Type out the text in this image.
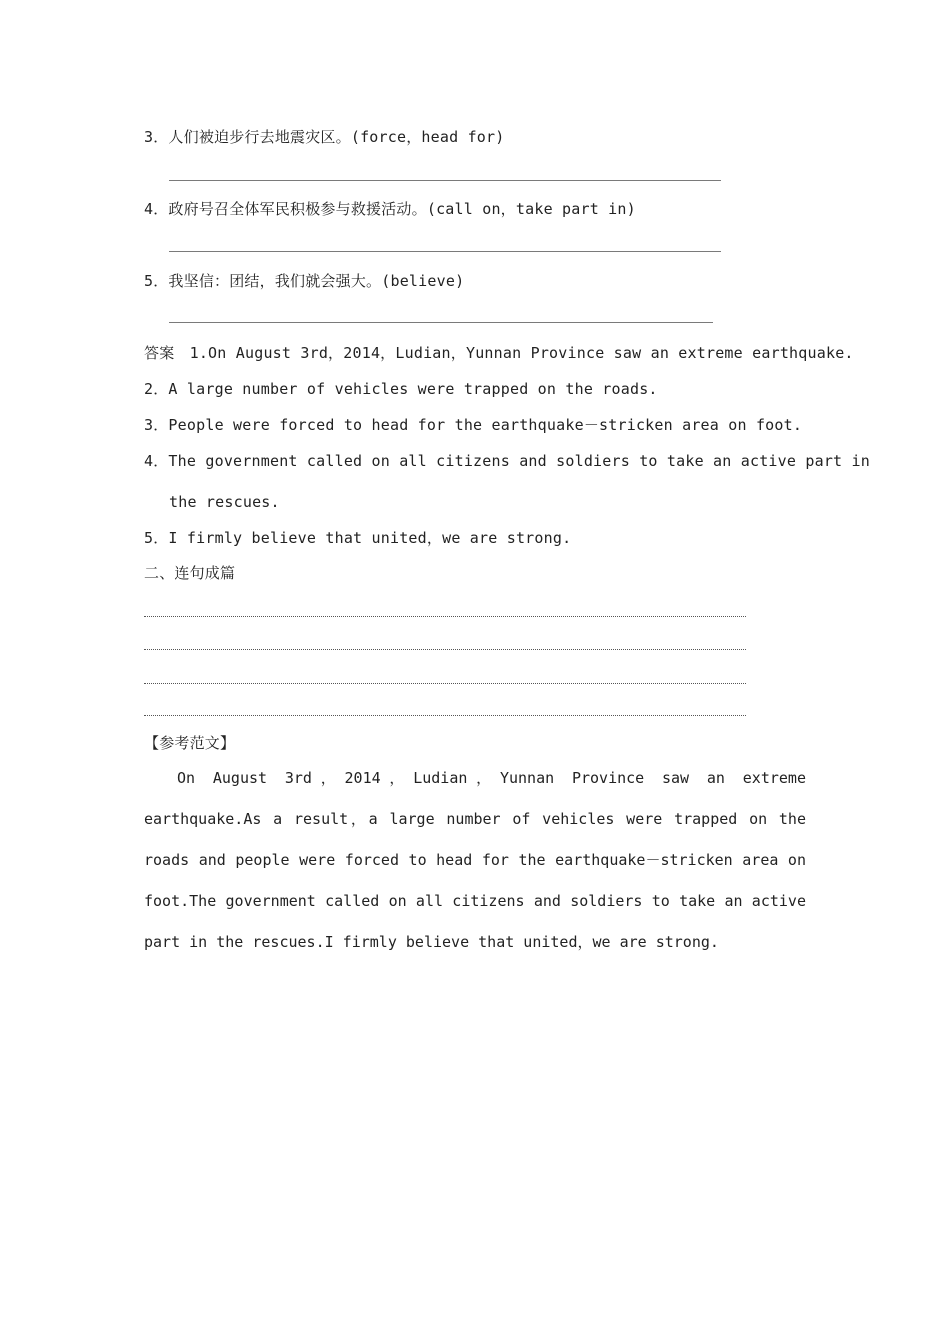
3．人们被迫步行去地震灾区。(force，head for)
4．政府号召全体军民积极参与救援活动。(call on，take part in)
5．我坚信：团结，我们就会强大。(believe)
答案　1.On August 3rd，2014，Ludian，Yunnan Province saw an extreme earthquake.
2．A large number of vehicles were trapped on the roads.
3．People were forced to head for the earthquake－stricken area on foot.
4．The government called on all citizens and soldiers to take an active part in
the rescues.
5．I firmly believe that united，we are strong.
二、连句成篇
【参考范文】

On August 3rd，2014，Ludian，Yunnan Province saw an extreme earthquake.As a result，a large number of vehicles were trapped on the roads and people were forced to head for the earthquake－stricken area on foot.The government called on all citizens and soldiers to take an active part in the rescues.I firmly believe that united，we are strong.
